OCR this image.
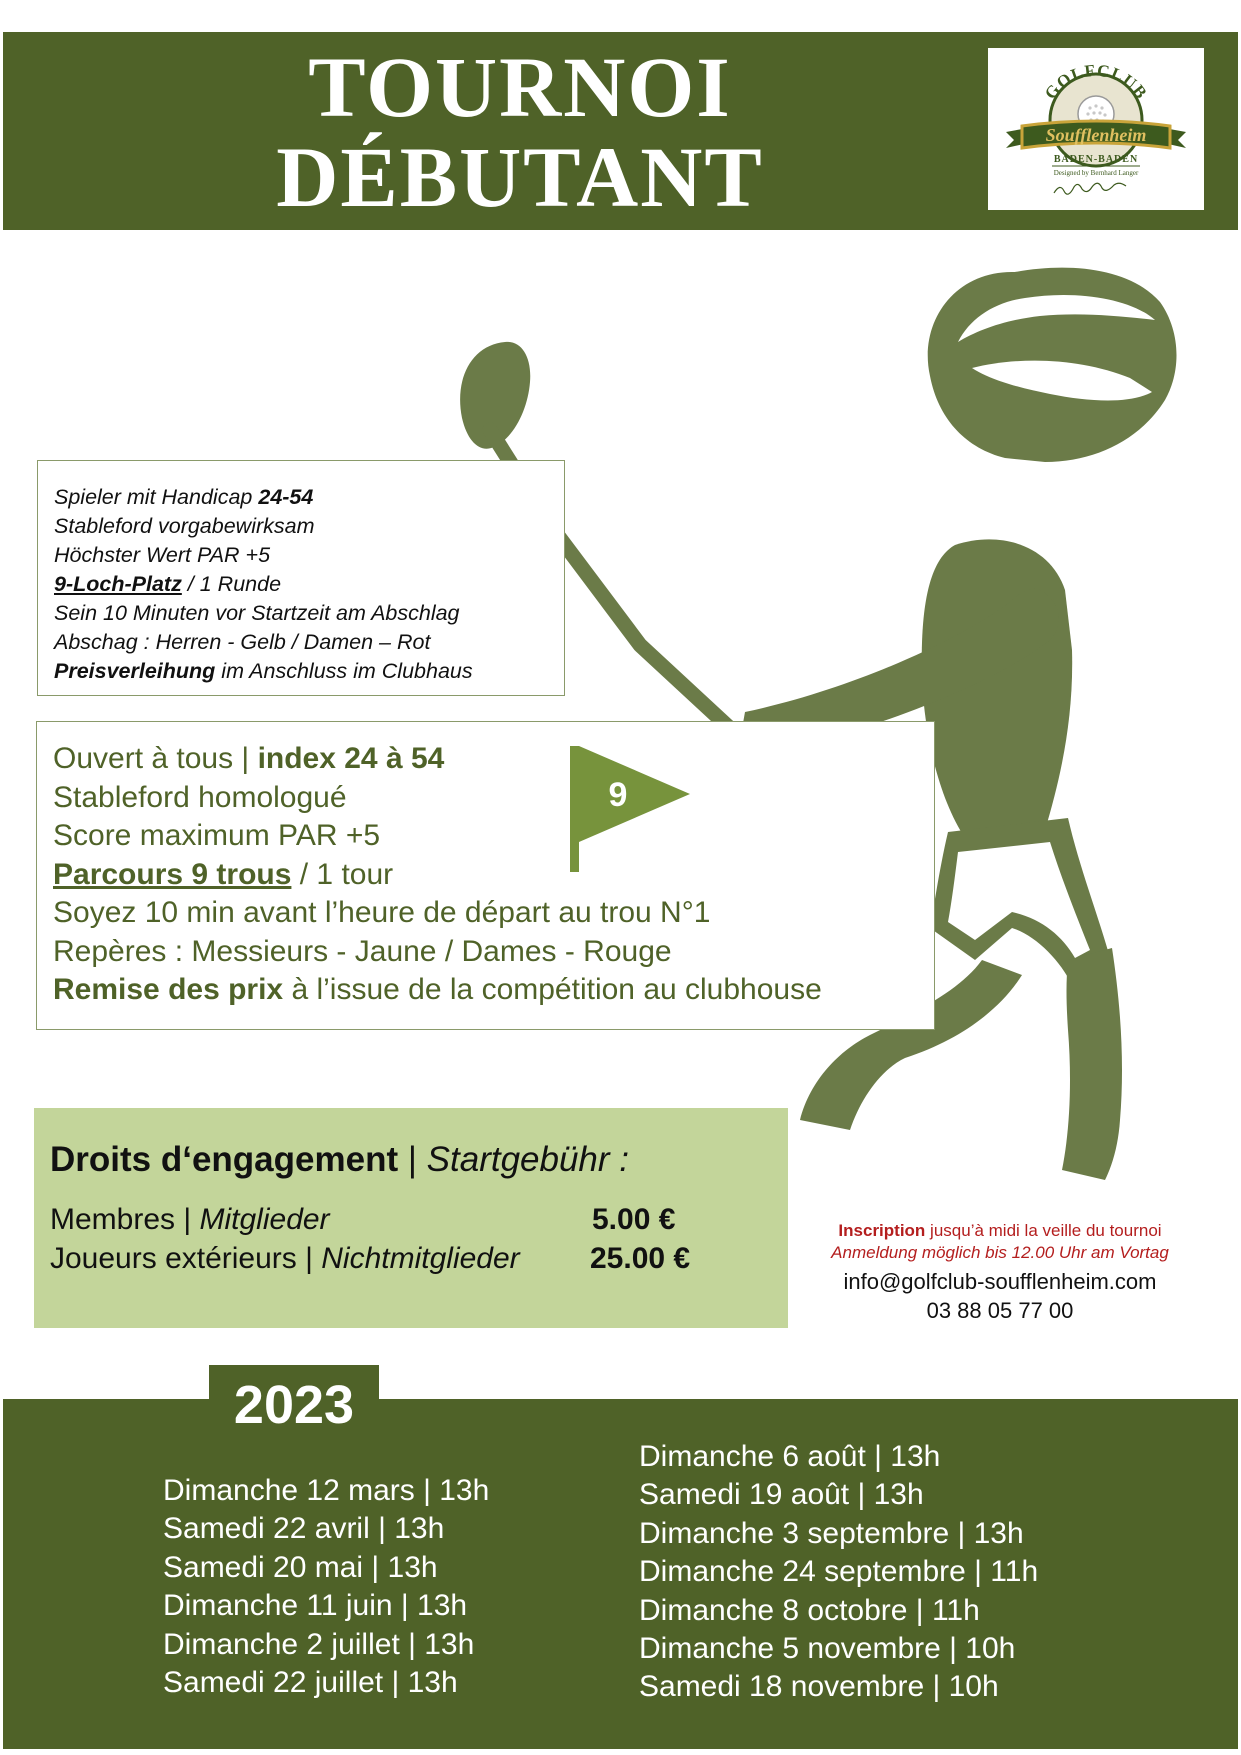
TOURNOI
DÉBUTANT
GOLFCLUB
Soufflenheim
BADEN-BADEN
Designed by Bernhard Langer
Spieler mit Handicap 24-54
Stableford vorgabewirksam
Höchster Wert PAR +5
9-Loch-Platz / 1 Runde
Sein 10 Minuten vor Startzeit am Abschlag
Abschag : Herren - Gelb / Damen – Rot
Preisverleihung im Anschluss im Clubhaus
Ouvert à tous | index 24 à 54
Stableford homologué
Score maximum PAR +5
Parcours 9 trous / 1 tour
Soyez 10 min avant l’heure de départ au trou N°1
Repères : Messieurs - Jaune / Dames - Rouge
Remise des prix à l’issue de la compétition au clubhouse
9
Droits d‘engagement | Startgebühr :
Membres | Mitglieder	5.00 €
Joueurs extérieurs | Nichtmitglieder 25.00 €
Inscription jusqu’à midi la veille du tournoi
Anmeldung möglich bis 12.00 Uhr am Vortag
info@golfclub-soufflenheim.com
03 88 05 77 00
2023
Dimanche 12 mars | 13h
Samedi 22 avril | 13h
Samedi 20 mai | 13h
Dimanche 11 juin | 13h
Dimanche 2 juillet | 13h
Samedi 22 juillet | 13h
Dimanche 6 août | 13h
Samedi 19 août | 13h
Dimanche 3 septembre | 13h
Dimanche 24 septembre | 11h
Dimanche 8 octobre | 11h
Dimanche 5 novembre | 10h
Samedi 18 novembre | 10h
